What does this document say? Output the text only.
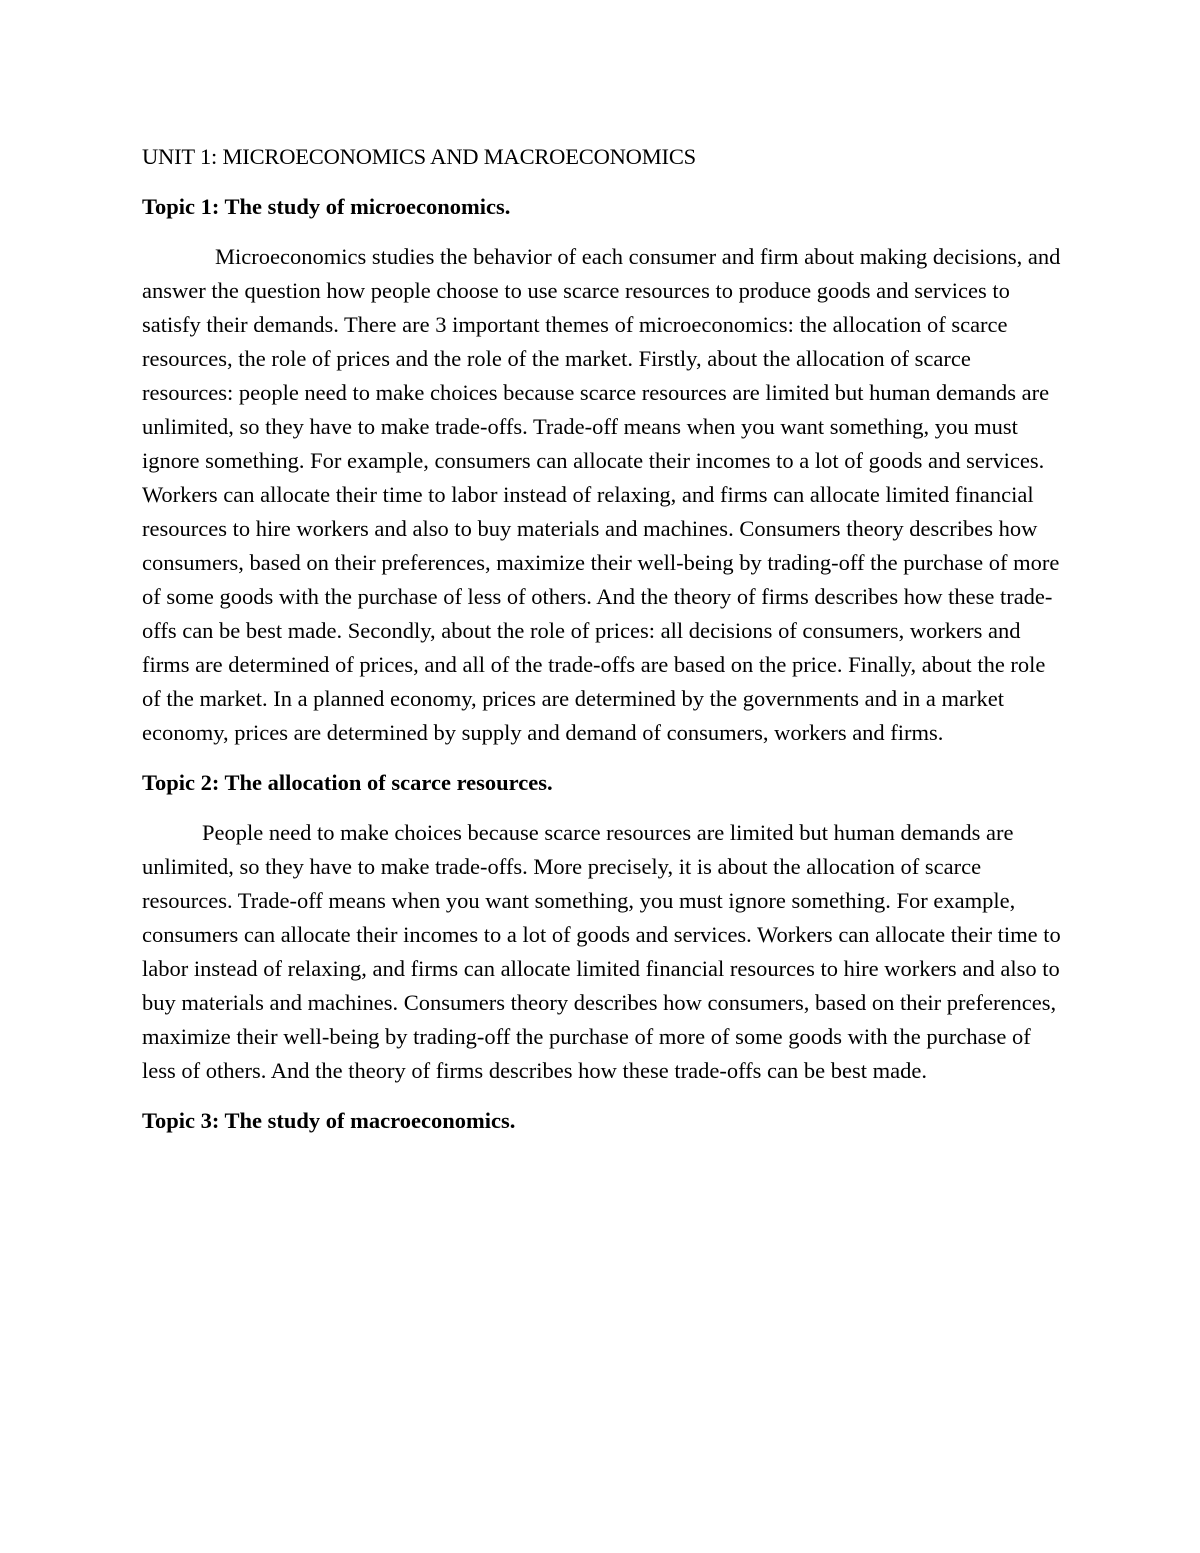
UNIT 1: MICROECONOMICS AND MACROECONOMICS

Topic 1: The study of microeconomics.

Microeconomics studies the behavior of each consumer and firm about making decisions, and answer the question how people choose to use scarce resources to produce goods and services to satisfy their demands. There are 3 important themes of microeconomics: the allocation of scarce resources, the role of prices and the role of the market. Firstly, about the allocation of scarce resources: people need to make choices because scarce resources are limited but human demands are unlimited, so they have to make trade-offs. Trade-off means when you want something, you must ignore something. For example, consumers can allocate their incomes to a lot of goods and services. Workers can allocate their time to labor instead of relaxing, and firms can allocate limited financial resources to hire workers and also to buy materials and machines. Consumers theory describes how consumers, based on their preferences, maximize their well-being by trading-off the purchase of more of some goods with the purchase of less of others. And the theory of firms describes how these trade-offs can be best made. Secondly, about the role of prices: all decisions of consumers, workers and firms are determined of prices, and all of the trade-offs are based on the price. Finally, about the role of the market. In a planned economy, prices are determined by the governments and in a market economy, prices are determined by supply and demand of consumers, workers and firms.

Topic 2: The allocation of scarce resources.

People need to make choices because scarce resources are limited but human demands are unlimited, so they have to make trade-offs. More precisely, it is about the allocation of scarce resources. Trade-off means when you want something, you must ignore something. For example, consumers can allocate their incomes to a lot of goods and services. Workers can allocate their time to labor instead of relaxing, and firms can allocate limited financial resources to hire workers and also to buy materials and machines. Consumers theory describes how consumers, based on their preferences, maximize their well-being by trading-off the purchase of more of some goods with the purchase of less of others. And the theory of firms describes how these trade-offs can be best made.

Topic 3: The study of macroeconomics.
